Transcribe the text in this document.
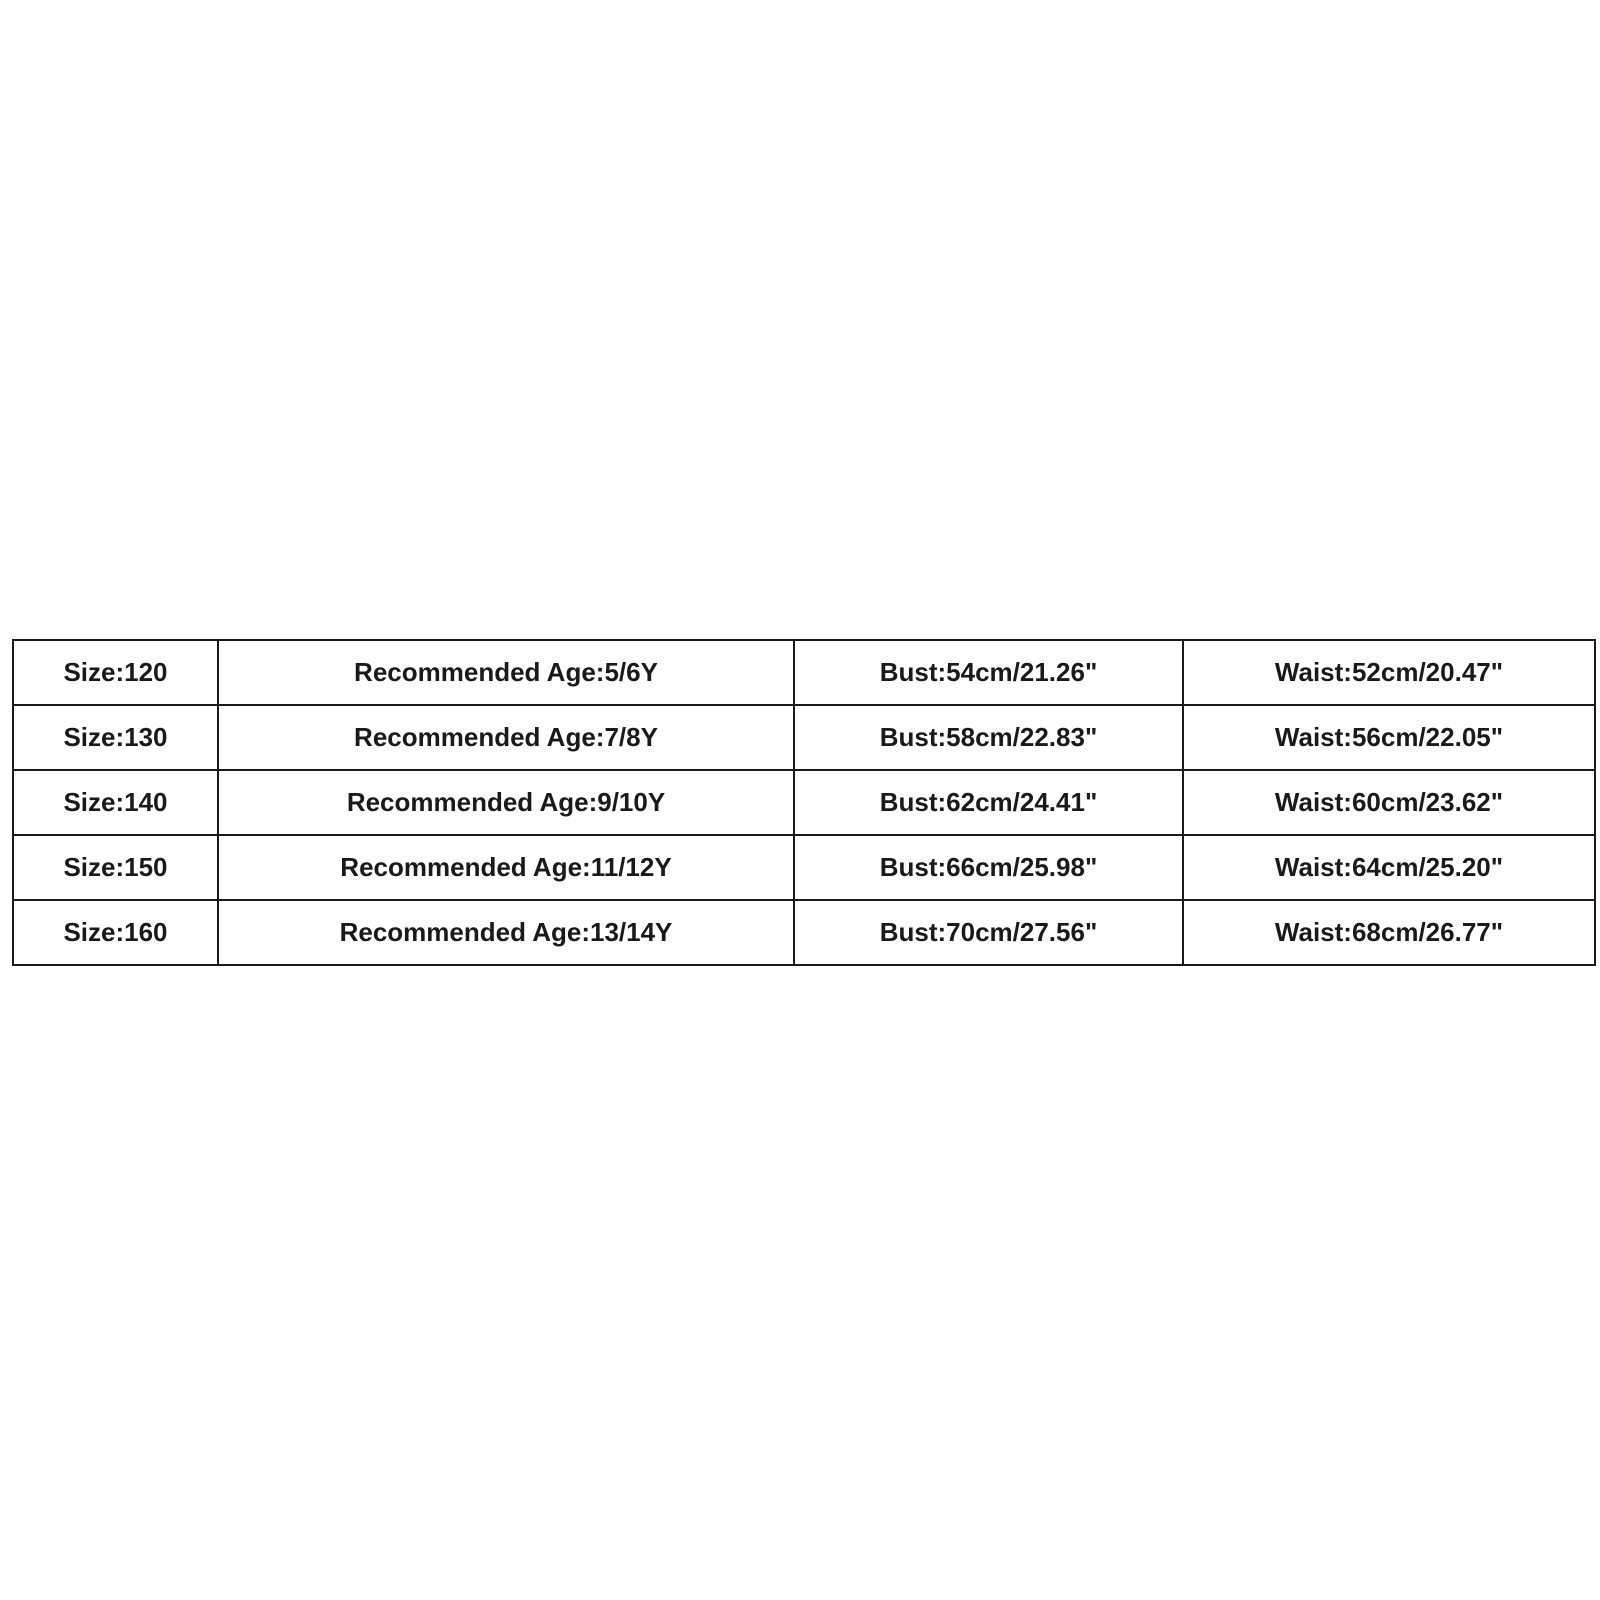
Size:120	Recommended Age:5/6Y	Bust:54cm/21.26"	Waist:52cm/20.47"
Size:130	Recommended Age:7/8Y	Bust:58cm/22.83"	Waist:56cm/22.05"
Size:140	Recommended Age:9/10Y	Bust:62cm/24.41"	Waist:60cm/23.62"
Size:150	Recommended Age:11/12Y	Bust:66cm/25.98"	Waist:64cm/25.20"
Size:160	Recommended Age:13/14Y	Bust:70cm/27.56"	Waist:68cm/26.77"
